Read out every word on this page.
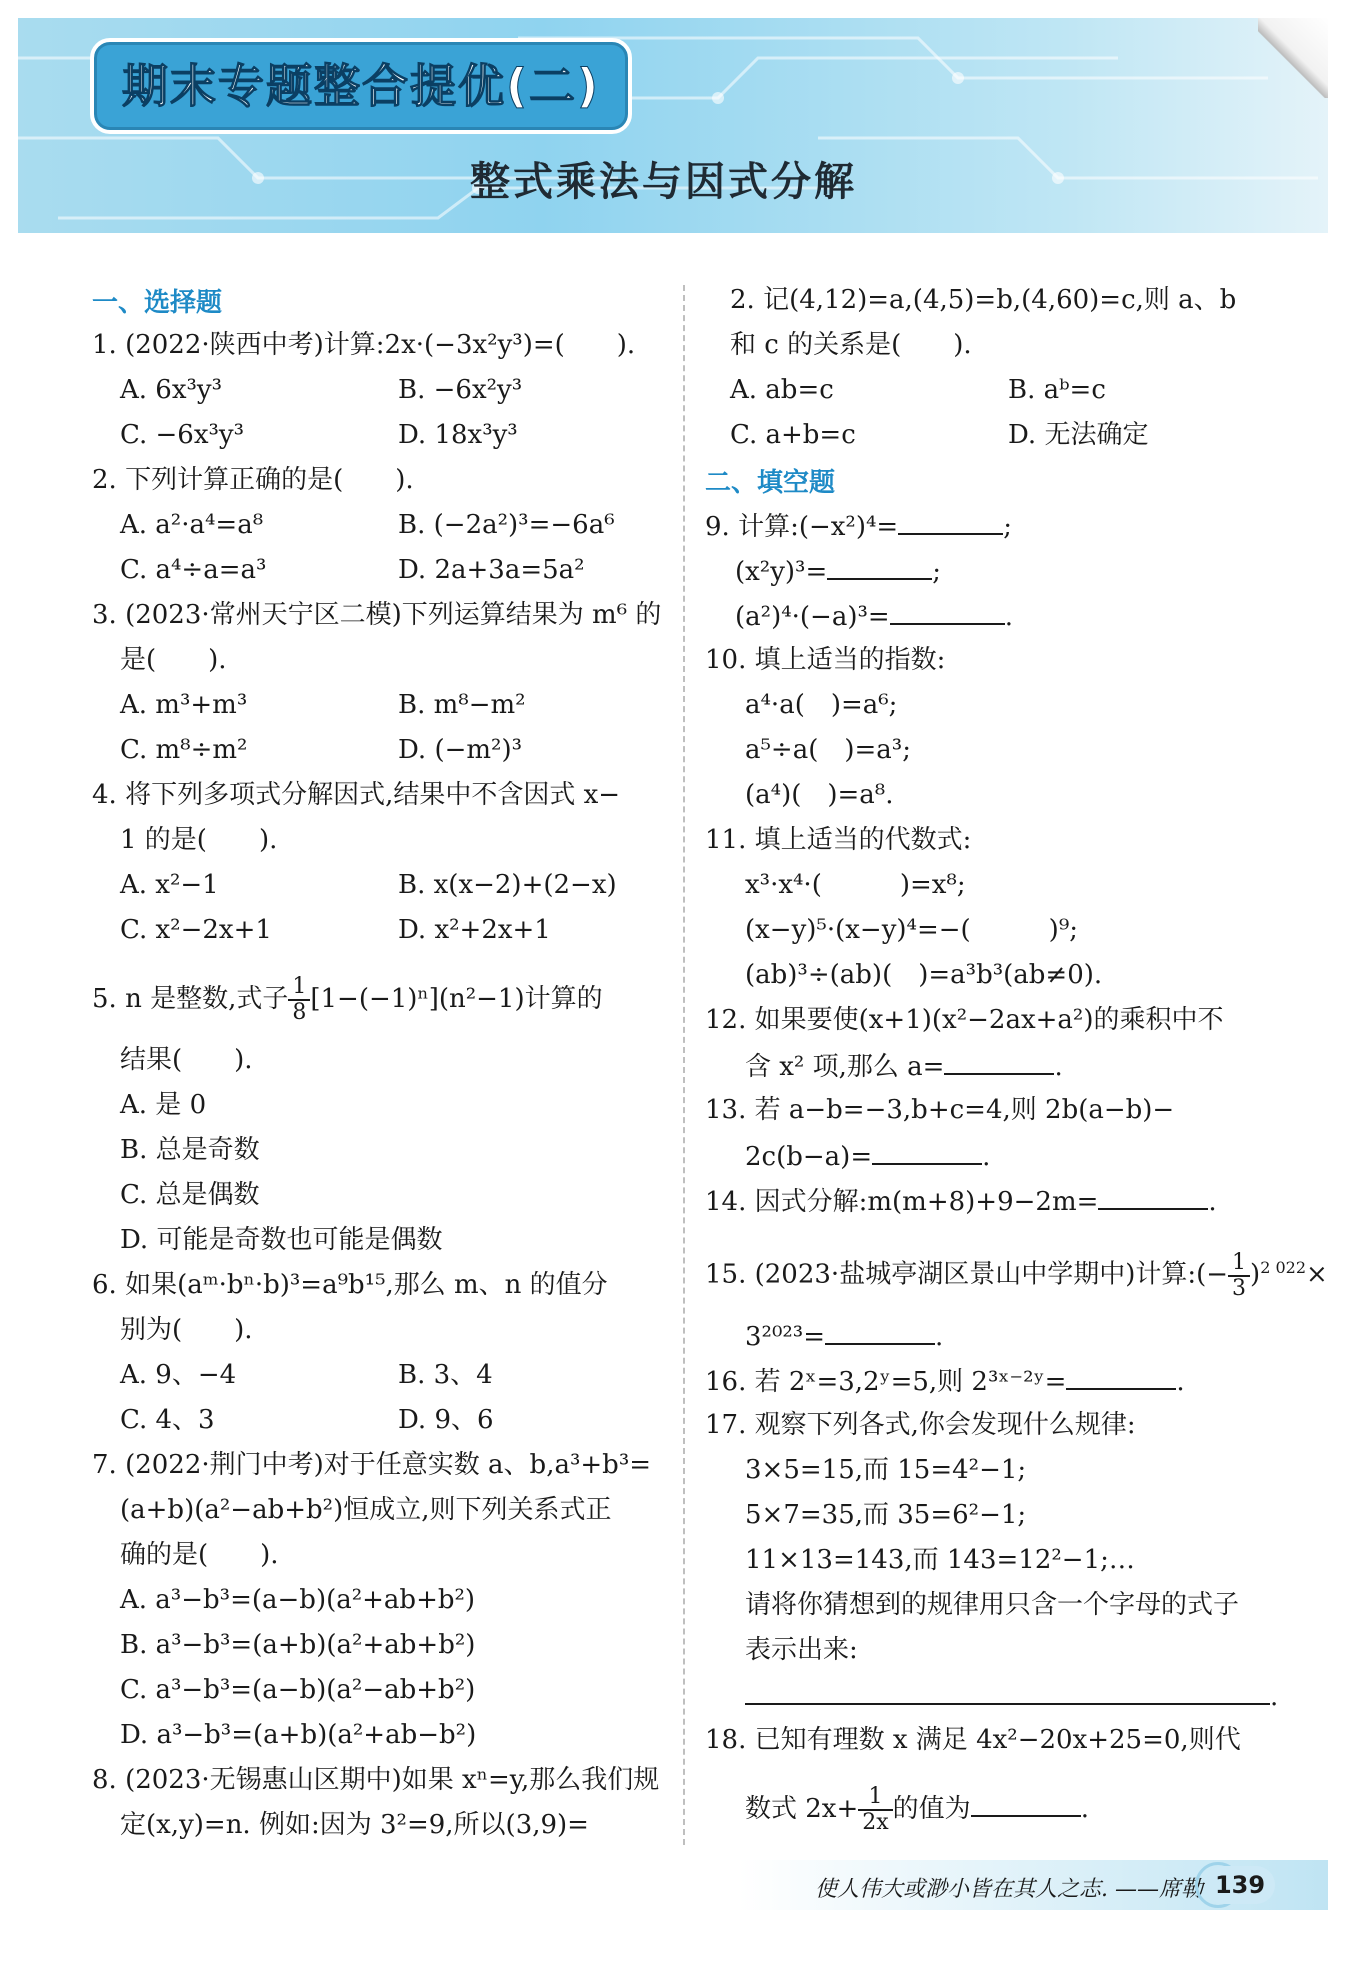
期末专题整合提优(二)
整式乘法与因式分解
一、选择题
1. (2022·陕西中考)计算:2x·(−3x²y³)=(　　).
A. 6x³y³	B. −6x²y³
C. −6x³y³	D. 18x³y³
2. 下列计算正确的是(　　).
A. a²·a⁴=a⁸	B. (−2a²)³=−6a⁶
C. a⁴÷a=a³	D. 2a+3a=5a²
3. (2023·常州天宁区二模)下列运算结果为 m⁶ 的
是(　　).
A. m³+m³	B. m⁸−m²
C. m⁸÷m²	D. (−m²)³
4. 将下列多项式分解因式,结果中不含因式 x−
1 的是(　　).
A. x²−1	B. x(x−2)+(2−x)
C. x²−2x+1	D. x²+2x+1
5. n 是整数,式子 $\frac{1}{8} [1-(-1)^n](n^2-1)$计算的
结果(　　).
A. 是 0
B. 总是奇数
C. 总是偶数
D. 可能是奇数也可能是偶数
6. 如果(aᵐ·bⁿ·b)³=a⁹b¹⁵,那么 m、n 的值分
别为(　　).
A. 9、−4	B. 3、4
C. 4、3	D. 9、6
7. (2022·荆门中考)对于任意实数 a、b,a³+b³=
(a+b)(a²−ab+b²)恒成立,则下列关系式正
确的是(　　).
A. a³−b³=(a−b)(a²+ab+b²)
B. a³−b³=(a+b)(a²+ab+b²)
C. a³−b³=(a−b)(a²−ab+b²)
D. a³−b³=(a+b)(a²+ab−b²)
8. (2023·无锡惠山区期中)如果 xⁿ=y,那么我们规
定(x,y)=n. 例如:因为 3²=9,所以(3,9)=
2. 记(4,12)=a,(4,5)=b,(4,60)=c,则 a、b
和 c 的关系是(　　).
A. ab=c	B. aᵇ=c
C. a+b=c	D. 无法确定
二、填空题
9. 计算:(−x²)⁴=	;
(x²y)³=	;
(a²)⁴·(−a)³=	.
10. 填上适当的指数:
a⁴·a(　)=a⁶;
a⁵÷a(　)=a³;
(a⁴)(　)=a⁸.
11. 填上适当的代数式:
x³·x⁴·(　　　)=x⁸;
(x−y)⁵·(x−y)⁴=−(　　　)⁹;
(ab)³÷(ab)(　)=a³b³(ab≠0).
12. 如果要使(x+1)(x²−2ax+a²)的乘积中不
含 x² 项,那么 a=	.
13. 若 a−b=−3,b+c=4,则 2b(a−b)−
2c(b−a)=	.
14. 因式分解:m(m+8)+9−2m=	.
15. (2023·盐城亭湖区景山中学期中)计算:(− $\frac{1}{3} )^{2 022}\times$
3²⁰²³=	.
16. 若 2ˣ=3,2ʸ=5,则 2³ˣ⁻²ʸ=	.
17. 观察下列各式,你会发现什么规律:
3×5=15,而 15=4²−1;
5×7=35,而 35=6²−1;
11×13=143,而 143=12²−1;…
请将你猜想到的规律用只含一个字母的式子
表示出来:
.
18. 已知有理数 x 满足 4x²−20x+25=0,则代
数式 $2x+ \frac{1}{2x}$ 的值为	.
使人伟大或渺小皆在其人之志. ——席勒 139
